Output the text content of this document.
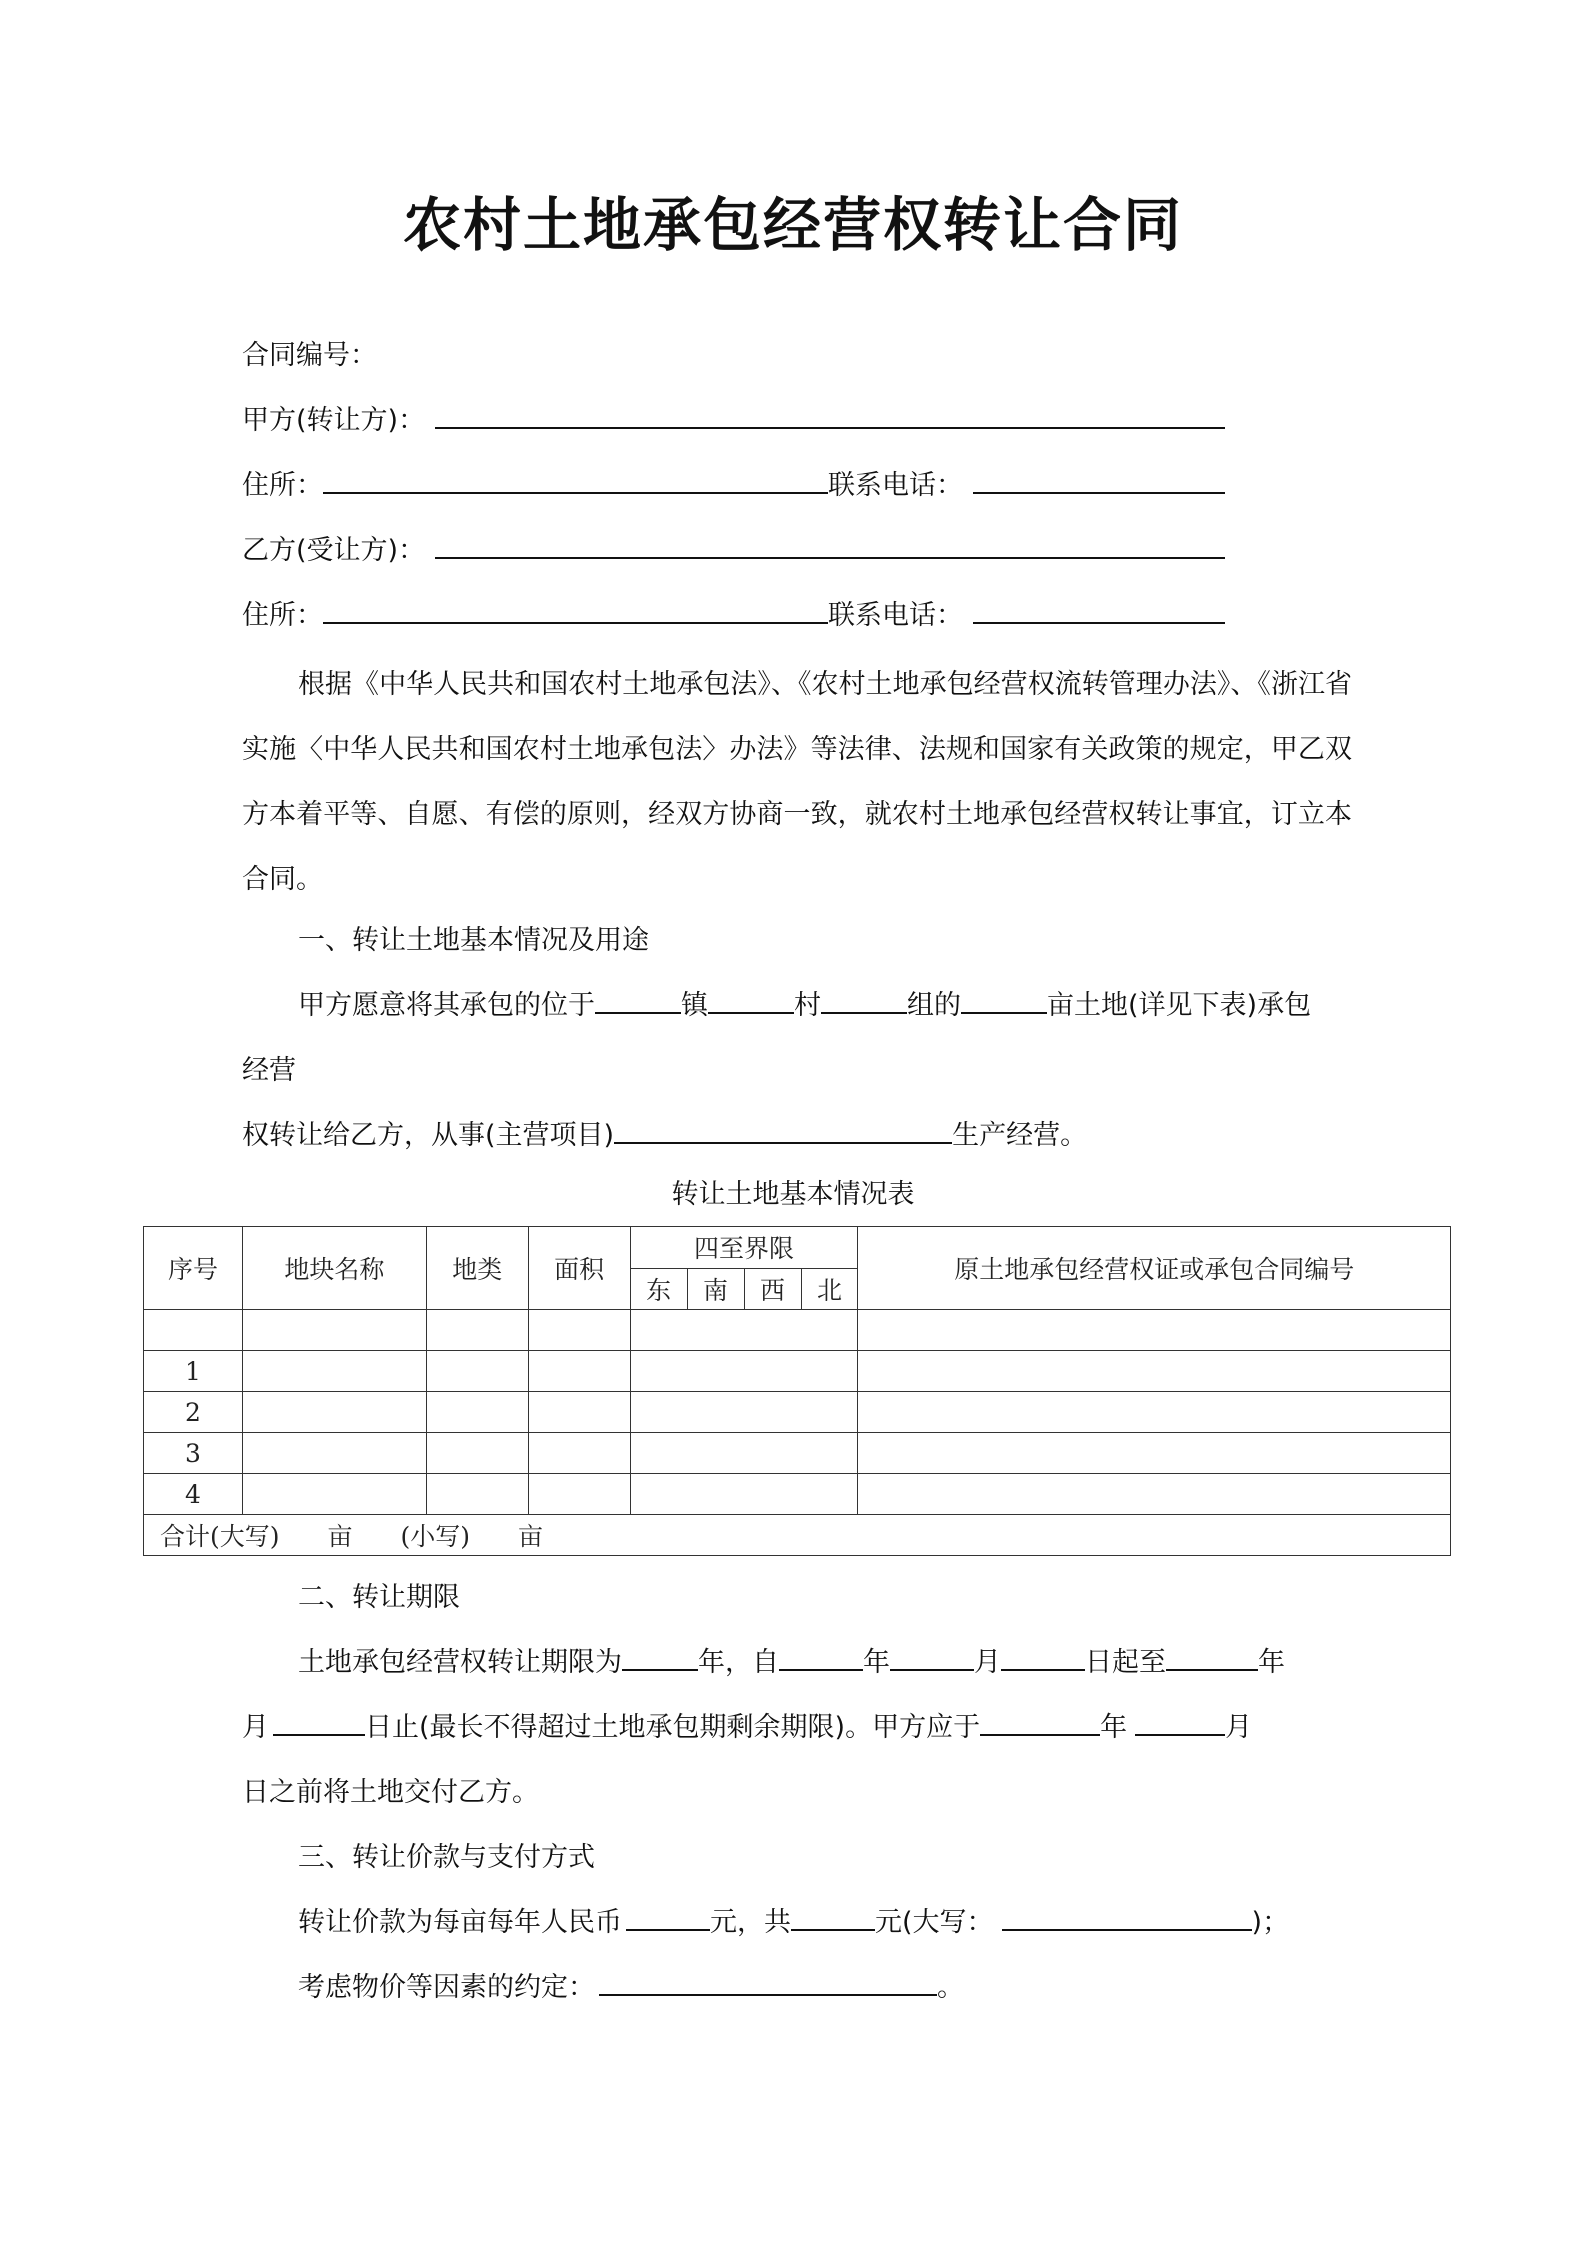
农村土地承包经营权转让合同
合同编号：
甲方(转让方)：
住所：	联系电话：
乙方(受让方)：
住所：	联系电话：
根据《中华人民共和国农村土地承包法》、《农村土地承包经营权流转管理办法》、《浙江省实施〈中华人民共和国农村土地承包法〉办法》等法律、法规和国家有关政策的规定，甲乙双方本着平等、自愿、有偿的原则，经双方协商一致，就农村土地承包经营权转让事宜，订立本合同。
一、转让土地基本情况及用途
甲方愿意将其承包的位于	镇	村	组的	亩土地(详见下表)承包
经营
权转让给乙方，从事(主营项目)	生产经营。
转让土地基本情况表
序号	地块名称	地类	面积	四至界限				原土地承包经营权证或承包合同编号
				东	南	西	北	

1								
2								
3								
4								
合计(大写) 亩 (小写) 亩								
二、转让期限
土地承包经营权转让期限为	年，自	年	月	日起至	年
月	日止(最长不得超过土地承包期剩余期限)。甲方应于	年	月
日之前将土地交付乙方。
三、转让价款与支付方式
转让价款为每亩每年人民币	元，共	元(大写：	)；
考虑物价等因素的约定：	。
